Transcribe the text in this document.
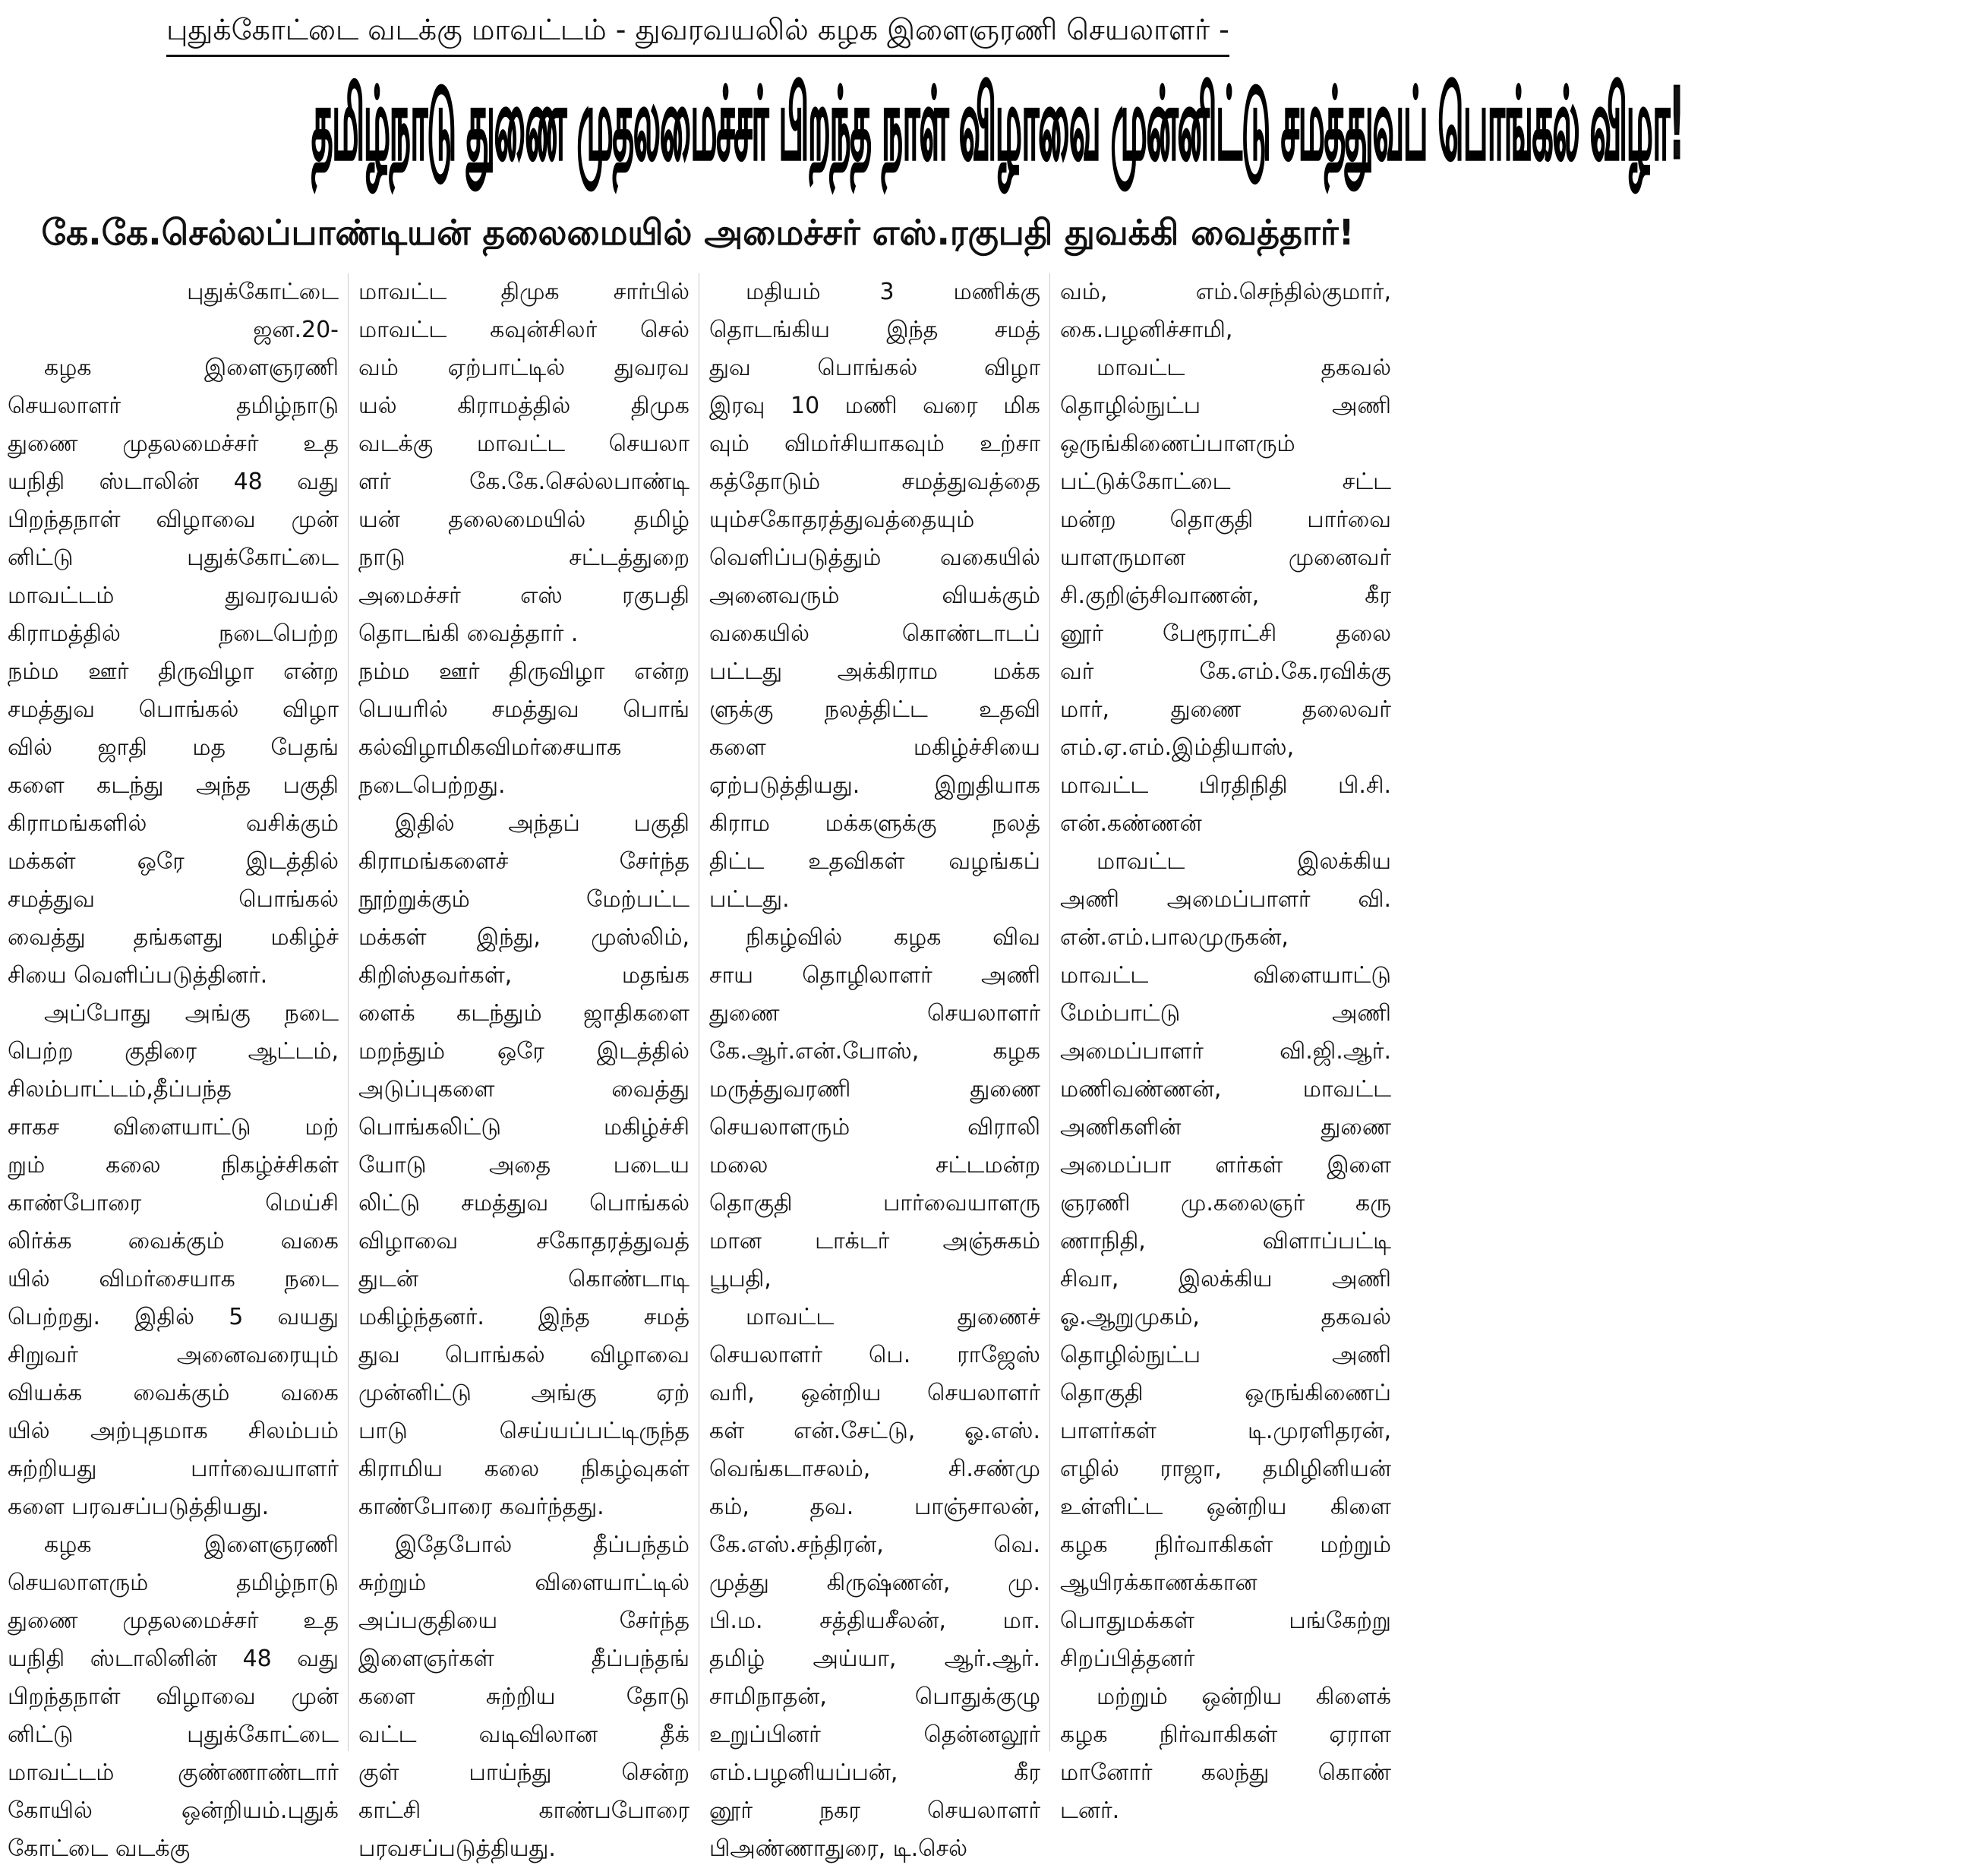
புதுக்கோட்டை வடக்கு மாவட்டம் - துவரவயலில் கழக இளைஞரணி செயலாளர் -
தமிழ்நாடு துணை முதலமைச்சர் பிறந்த நாள் விழாவை முன்னிட்டு சமத்துவப் பொங்கல் விழா!
கே.கே.செல்லப்பாண்டியன் தலைமையில் அமைச்சர் எஸ்.ரகுபதி துவக்கி வைத்தார்!
புதுக்கோட்டை
ஜன.20-
கழக இளைஞரணி
செயலாளர் தமிழ்நாடு
துணை முதலமைச்சர் உத
யநிதி ஸ்டாலின் 48 வது
பிறந்தநாள் விழாவை முன்
னிட்டு புதுக்கோட்டை
மாவட்டம் துவரவயல்
கிராமத்தில் நடைபெற்ற
நம்ம ஊர் திருவிழா என்ற
சமத்துவ பொங்கல் விழா
வில் ஜாதி மத பேதங்
களை கடந்து அந்த பகுதி
கிராமங்களில் வசிக்கும்
மக்கள் ஒரே இடத்தில்
சமத்துவ பொங்கல்
வைத்து தங்களது மகிழ்ச்
சியை வெளிப்படுத்தினர்.
அப்போது அங்கு நடை
பெற்ற குதிரை ஆட்டம்,
சிலம்பாட்டம்,தீப்பந்த
சாகச விளையாட்டு மற்
றும் கலை நிகழ்ச்சிகள்
காண்போரை மெய்சி
லிர்க்க வைக்கும் வகை
யில் விமர்சையாக நடை
பெற்றது. இதில் 5 வயது
சிறுவர் அனைவரையும்
வியக்க வைக்கும் வகை
யில் அற்புதமாக சிலம்பம்
சுற்றியது பார்வையாளர்
களை பரவசப்படுத்தியது.
கழக இளைஞரணி
செயலாளரும் தமிழ்நாடு
துணை முதலமைச்சர் உத
யநிதி ஸ்டாலினின் 48 வது
பிறந்தநாள் விழாவை முன்
னிட்டு புதுக்கோட்டை
மாவட்டம் குண்ணாண்டார்
கோயில் ஒன்றியம்.புதுக்
கோட்டை வடக்கு
மாவட்ட திமுக சார்பில்
மாவட்ட கவுன்சிலர் செல்
வம் ஏற்பாட்டில் துவரவ
யல் கிராமத்தில் திமுக
வடக்கு மாவட்ட செயலா
ளர் கே.கே.செல்லபாண்டி
யன் தலைமையில் தமிழ்
நாடு சட்டத்துறை
அமைச்சர் எஸ் ரகுபதி
தொடங்கி வைத்தார் .
நம்ம ஊர் திருவிழா என்ற
பெயரில் சமத்துவ பொங்
கல்விழாமிகவிமர்சையாக
நடைபெற்றது.
இதில் அந்தப் பகுதி
கிராமங்களைச் சேர்ந்த
நூற்றுக்கும் மேற்பட்ட
மக்கள் இந்து, முஸ்லிம்,
கிறிஸ்தவர்கள், மதங்க
ளைக் கடந்தும் ஜாதிகளை
மறந்தும் ஒரே இடத்தில்
அடுப்புகளை வைத்து
பொங்கலிட்டு மகிழ்ச்சி
யோடு அதை படைய
லிட்டு சமத்துவ பொங்கல்
விழாவை சகோதரத்துவத்
துடன் கொண்டாடி
மகிழ்ந்தனர். இந்த சமத்
துவ பொங்கல் விழாவை
முன்னிட்டு அங்கு ஏற்
பாடு செய்யப்பட்டிருந்த
கிராமிய கலை நிகழ்வுகள்
காண்போரை கவர்ந்தது.
இதேபோல் தீப்பந்தம்
சுற்றும் விளையாட்டில்
அப்பகுதியை சேர்ந்த
இளைஞர்கள் தீப்பந்தங்
களை சுற்றிய தோடு
வட்ட வடிவிலான தீக்
குள் பாய்ந்து சென்ற
காட்சி காண்பபோரை
பரவசப்படுத்தியது.
மதியம் 3 மணிக்கு
தொடங்கிய இந்த சமத்
துவ பொங்கல் விழா
இரவு 10 மணி வரை மிக
வும் விமர்சியாகவும் உற்சா
கத்தோடும் சமத்துவத்தை
யும்சகோதரத்துவத்தையும்
வெளிப்படுத்தும் வகையில்
அனைவரும் வியக்கும்
வகையில் கொண்டாடப்
பட்டது அக்கிராம மக்க
ளுக்கு நலத்திட்ட உதவி
களை மகிழ்ச்சியை
ஏற்படுத்தியது. இறுதியாக
கிராம மக்களுக்கு நலத்
திட்ட உதவிகள் வழங்கப்
பட்டது.
நிகழ்வில் கழக விவ
சாய தொழிலாளர் அணி
துணை செயலாளர்
கே.ஆர்.என்.போஸ், கழக
மருத்துவரணி துணை
செயலாளரும் விராலி
மலை சட்டமன்ற
தொகுதி பார்வையாளரு
மான டாக்டர் அஞ்சுகம்
பூபதி,
மாவட்ட துணைச்
செயலாளர் பெ. ராஜேஸ்
வரி, ஒன்றிய செயலாளர்
கள் என்.சேட்டு, ஓ.எஸ்.
வெங்கடாசலம், சி.சண்மு
கம், தவ. பாஞ்சாலன்,
கே.எஸ்.சந்திரன், வெ.
முத்து கிருஷ்ணன், மு.
பி.ம. சத்தியசீலன், மா.
தமிழ் அய்யா, ஆர்.ஆர்.
சாமிநாதன், பொதுக்குழு
உறுப்பினர் தென்னலூர்
எம்.பழனியப்பன், கீர
னூர் நகர செயலாளர்
பிஅண்ணாதுரை, டி.செல்
வம், எம்.செந்தில்குமார்,
கை.பழனிச்சாமி,
மாவட்ட தகவல்
தொழில்நுட்ப அணி
ஒருங்கிணைப்பாளரும்
பட்டுக்கோட்டை சட்ட
மன்ற தொகுதி பார்வை
யாளருமான முனைவர்
சி.குறிஞ்சிவாணன், கீர
னூர் பேரூராட்சி தலை
வர் கே.எம்.கே.ரவிக்கு
மார், துணை தலைவர்
எம்.ஏ.எம்.இம்தியாஸ்,
மாவட்ட பிரதிநிதி பி.சி.
என்.கண்ணன்
மாவட்ட இலக்கிய
அணி அமைப்பாளர் வி.
என்.எம்.பாலமுருகன்,
மாவட்ட விளையாட்டு
மேம்பாட்டு அணி
அமைப்பாளர் வி.ஜி.ஆர்.
மணிவண்ணன், மாவட்ட
அணிகளின் துணை
அமைப்பா ளர்கள் இளை
ஞரணி மு.கலைஞர் கரு
ணாநிதி, விளாப்பட்டி
சிவா, இலக்கிய அணி
ஓ.ஆறுமுகம், தகவல்
தொழில்நுட்ப அணி
தொகுதி ஒருங்கிணைப்
பாளர்கள் டி.முரளிதரன்,
எழில் ராஜா, தமிழினியன்
உள்ளிட்ட ஒன்றிய கிளை
கழக நிர்வாகிகள் மற்றும்
ஆயிரக்காணக்கான
பொதுமக்கள் பங்கேற்று
சிறப்பித்தனர்
மற்றும் ஒன்றிய கிளைக்
கழக நிர்வாகிகள் ஏராள
மானோர் கலந்து கொண்
டனர்.
